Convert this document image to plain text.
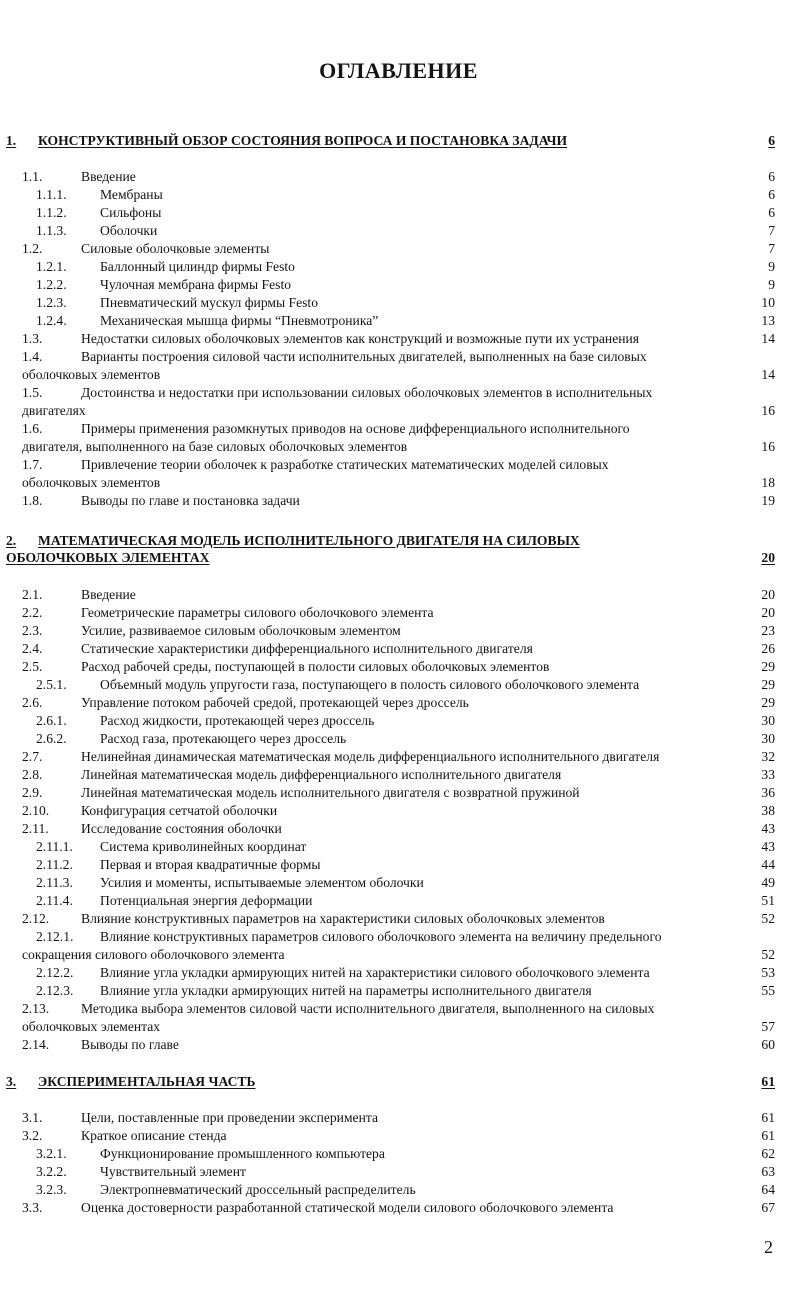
ОГЛАВЛЕНИЕ
1.	КОНСТРУКТИВНЫЙ ОБЗОР СОСТОЯНИЯ ВОПРОСА И ПОСТАНОВКА ЗАДАЧИ	6
1.1.	Введение	6
1.1.1. Мембраны	6
1.1.2. Сильфоны	6
1.1.3. Оболочки	7
1.2.	Силовые оболочковые элементы	7
1.2.1. Баллонный цилиндр фирмы Festo	9
1.2.2. Чулочная мембрана фирмы Festo	9
1.2.3. Пневматический мускул фирмы Festo	10
1.2.4. Механическая мышца фирмы “Пневмотроника”	13
1.3.	Недостатки силовых оболочковых элементов как конструкций и возможные пути их устранения	14
1.4.	Варианты построения силовой части исполнительных двигателей, выполненных на базе силовых
оболочковых элементов	14
1.5.	Достоинства и недостатки при использовании силовых оболочковых элементов в исполнительных
двигателях	16
1.6.	Примеры применения разомкнутых приводов на основе дифференциального исполнительного
двигателя, выполненного на базе силовых оболочковых элементов	16
1.7.	Привлечение теории оболочек к разработке статических математических моделей силовых
оболочковых элементов	18
1.8.	Выводы по главе и постановка задачи	19
2.	МАТЕМАТИЧЕСКАЯ МОДЕЛЬ ИСПОЛНИТЕЛЬНОГО ДВИГАТЕЛЯ НА СИЛОВЫХ
ОБОЛОЧКОВЫХ ЭЛЕМЕНТАХ	20
2.1.	Введение	20
2.2.	Геометрические параметры силового оболочкового элемента	20
2.3.	Усилие, развиваемое силовым оболочковым элементом	23
2.4.	Статические характеристики дифференциального исполнительного двигателя	26
2.5.	Расход рабочей среды, поступающей в полости силовых оболочковых элементов	29
2.5.1. Объемный модуль упругости газа, поступающего в полость силового оболочкового элемента	29
2.6.	Управление потоком рабочей средой, протекающей через дроссель	29
2.6.1. Расход жидкости, протекающей через дроссель	30
2.6.2. Расход газа, протекающего через дроссель	30
2.7.	Нелинейная динамическая математическая модель дифференциального исполнительного двигателя	32
2.8.	Линейная математическая модель дифференциального исполнительного двигателя	33
2.9.	Линейная математическая модель исполнительного двигателя с возвратной пружиной	36
2.10. Конфигурация сетчатой оболочки	38
2.11. Исследование состояния оболочки	43
2.11.1. Система криволинейных координат	43
2.11.2. Первая и вторая квадратичные формы	44
2.11.3. Усилия и моменты, испытываемые элементом оболочки	49
2.11.4. Потенциальная энергия деформации	51
2.12. Влияние конструктивных параметров на характеристики силовых оболочковых элементов	52
2.12.1. Влияние конструктивных параметров силового оболочкового элемента на величину предельного
сокращения силового оболочкового элемента	52
2.12.2. Влияние угла укладки армирующих нитей на характеристики силового оболочкового элемента	53
2.12.3. Влияние угла укладки армирующих нитей на параметры исполнительного двигателя	55
2.13. Методика выбора элементов силовой части исполнительного двигателя, выполненного на силовых
оболочковых элементах	57
2.14. Выводы по главе	60
3.	ЭКСПЕРИМЕНТАЛЬНАЯ ЧАСТЬ	61
3.1.	Цели, поставленные при проведении эксперимента	61
3.2.	Краткое описание стенда	61
3.2.1. Функционирование промышленного компьютера	62
3.2.2. Чувствительный элемент	63
3.2.3. Электропневматический дроссельный распределитель	64
3.3.	Оценка достоверности разработанной статической модели силового оболочкового элемента	67
2
